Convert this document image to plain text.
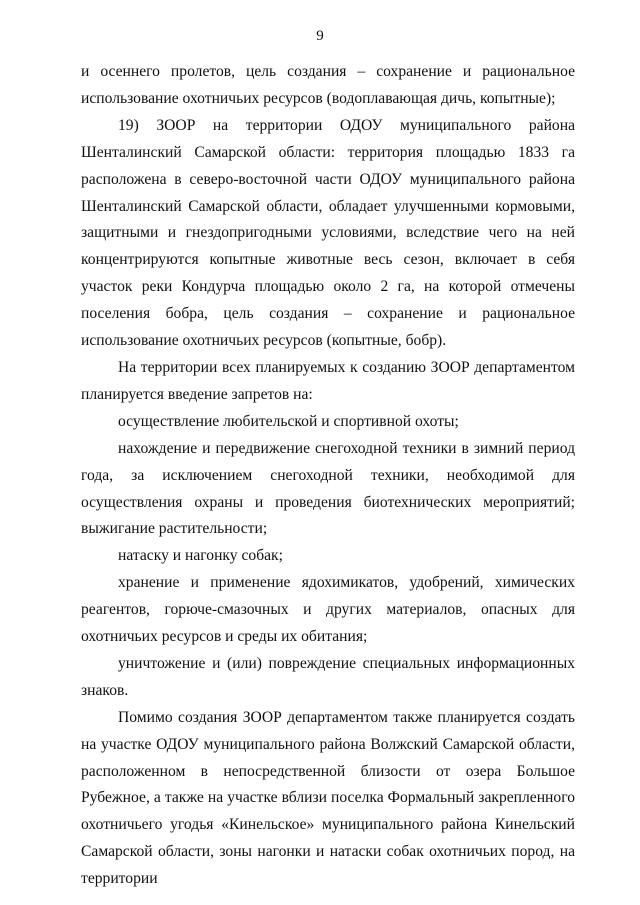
9

и осеннего пролетов, цель создания – сохранение и рациональное использование охотничьих ресурсов (водоплавающая дичь, копытные);

19) ЗООР на территории ОДОУ муниципального района Шенталинский Самарской области: территория площадью 1833 га расположена в северо-восточной части ОДОУ муниципального района Шенталинский Самарской области, обладает улучшенными кормовыми, защитными и гнездопригодными условиями, вследствие чего на ней концентрируются копытные животные весь сезон, включает в себя участок реки Кондурча площадью около 2 га, на которой отмечены поселения бобра, цель создания – сохранение и рациональное использование охотничьих ресурсов (копытные, бобр).

На территории всех планируемых к созданию ЗООР департаментом планируется введение запретов на:

осуществление любительской и спортивной охоты;

нахождение и передвижение снегоходной техники в зимний период года, за исключением снегоходной техники, необходимой для осуществления охраны и проведения биотехнических мероприятий; выжигание растительности;

натаску и нагонку собак;

хранение и применение ядохимикатов, удобрений, химических реагентов, горюче-смазочных и других материалов, опасных для охотничьих ресурсов и среды их обитания;

уничтожение и (или) повреждение специальных информационных знаков.

Помимо создания ЗООР департаментом также планируется создать на участке ОДОУ муниципального района Волжский Самарской области, расположенном в непосредственной близости от озера Большое Рубежное, а также на участке вблизи поселка Формальный закрепленного охотничьего угодья «Кинельское» муниципального района Кинельский Самарской области, зоны нагонки и натаски собак охотничьих пород, на территории
